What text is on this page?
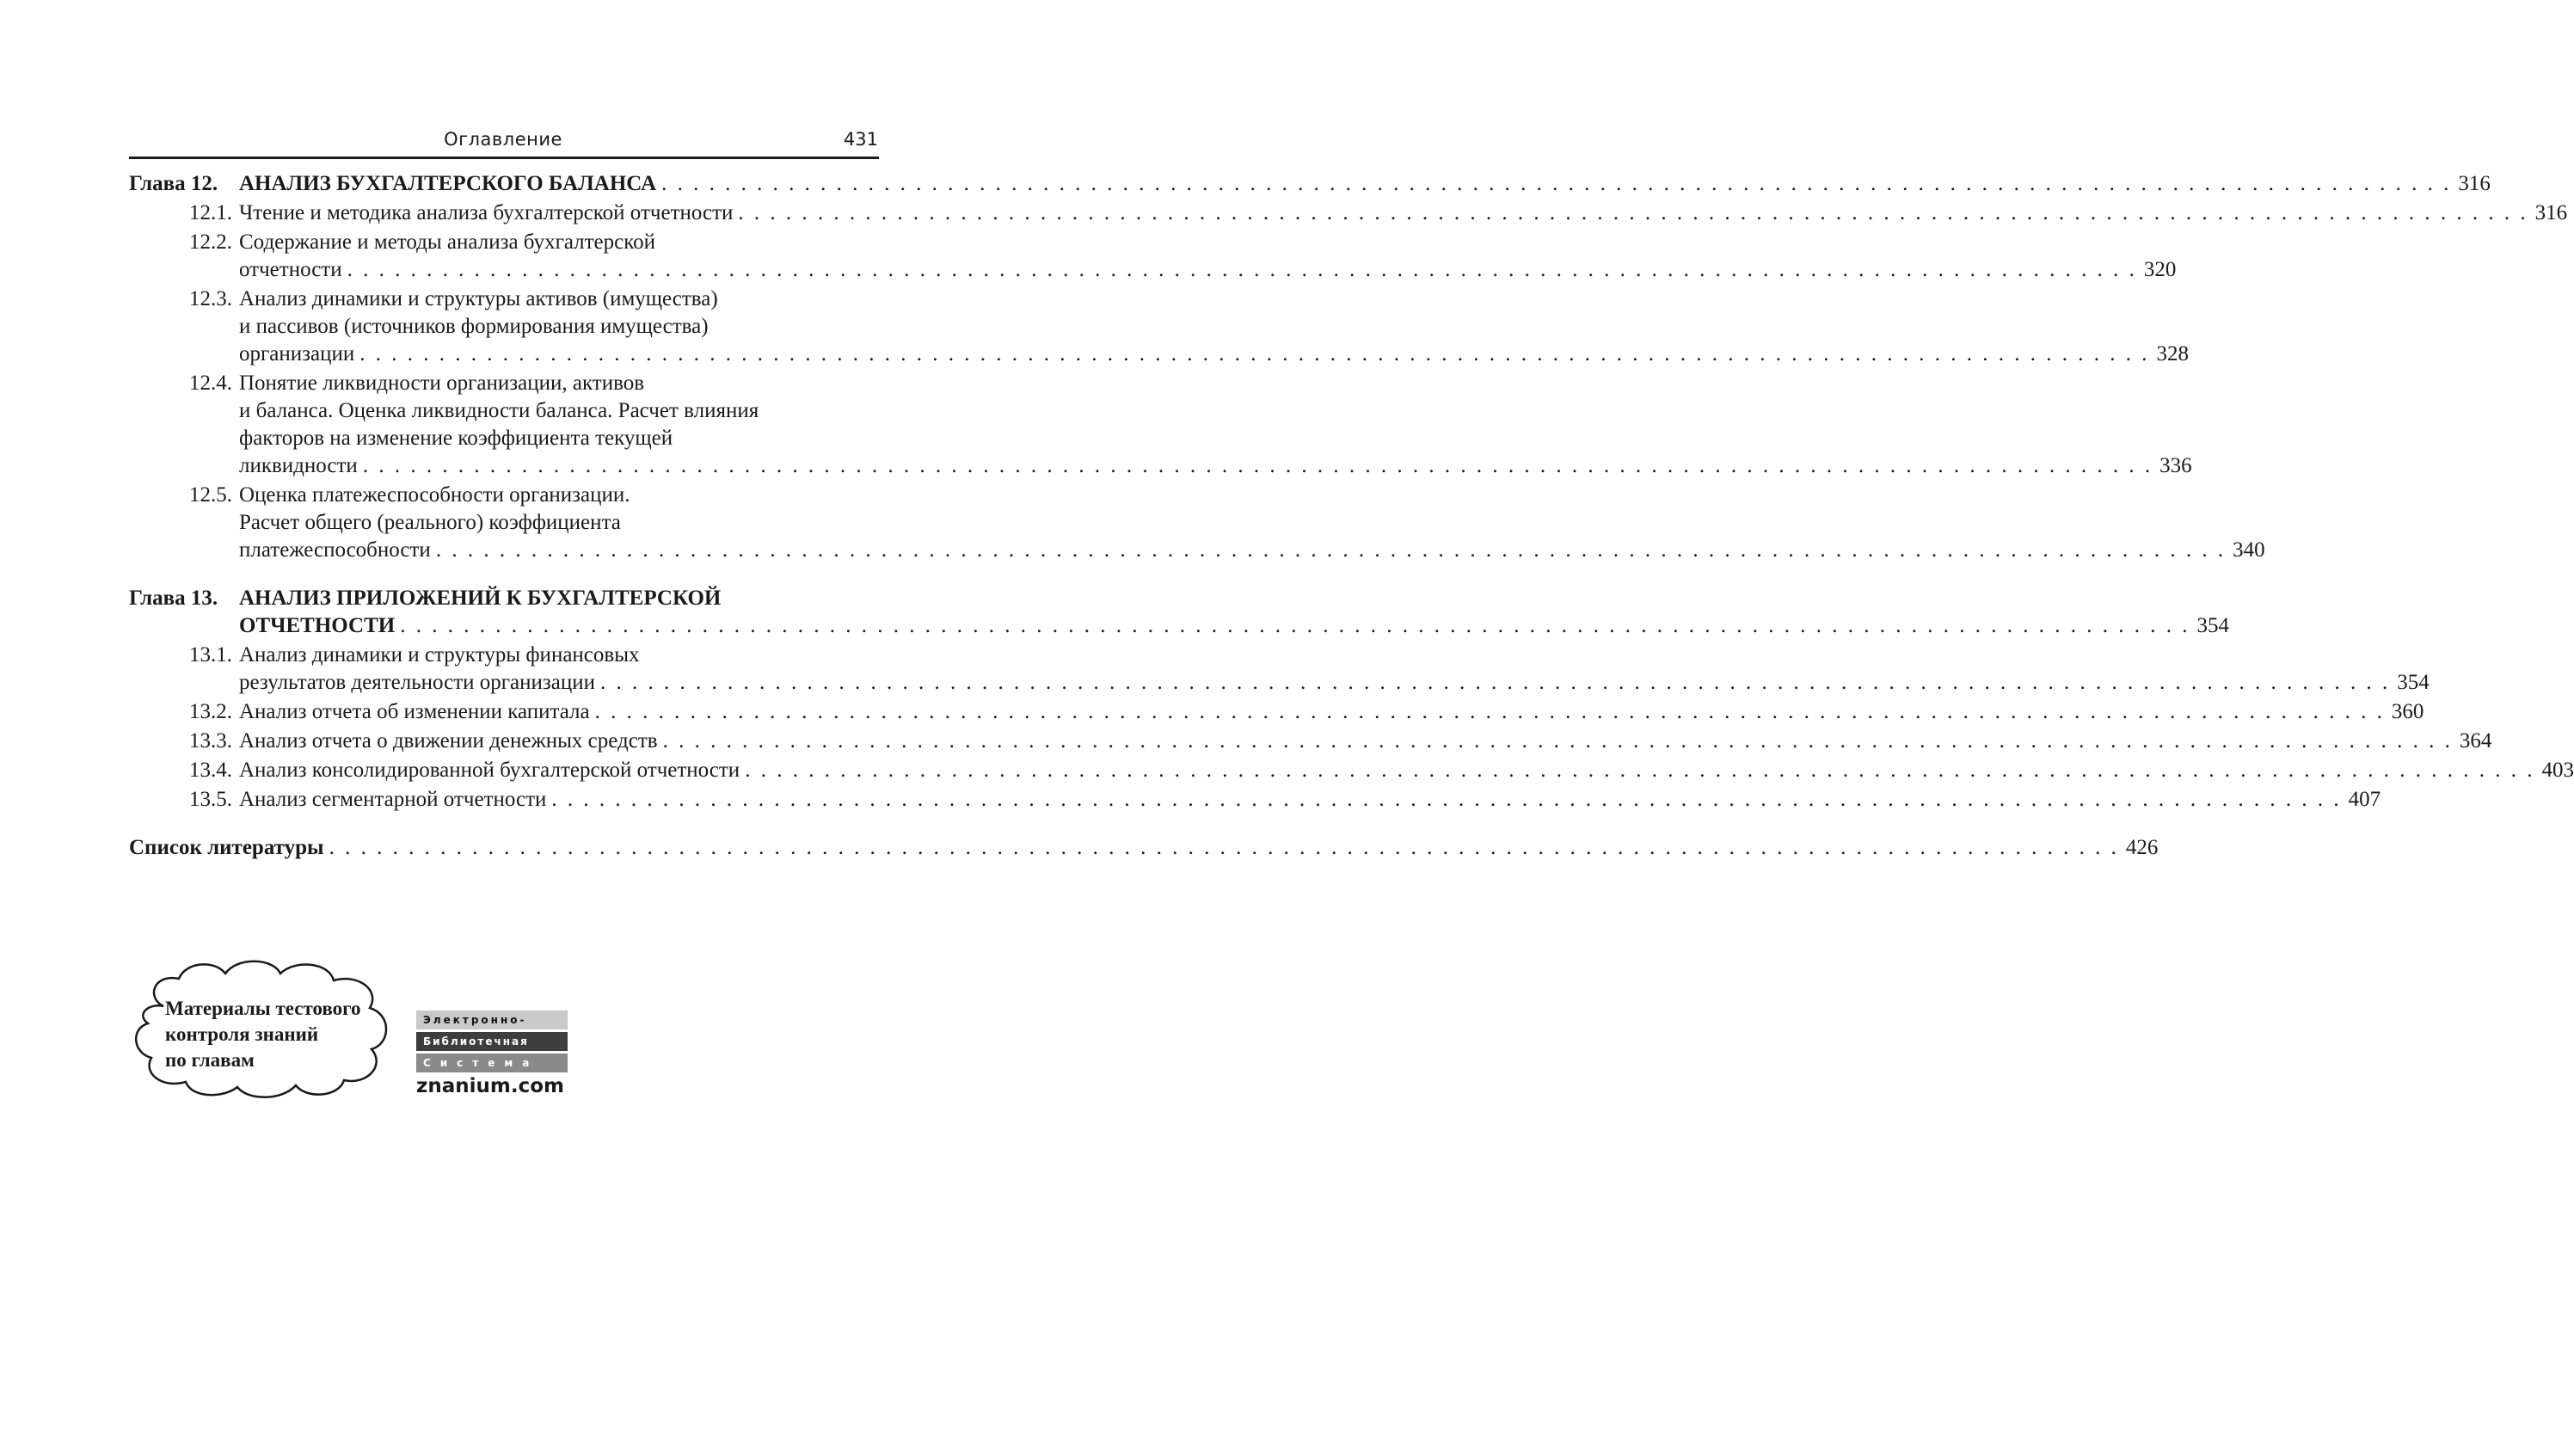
Оглавление	431
Глава 12. АНАЛИЗ БУХГАЛТЕРСКОГО БАЛАНСА . . .	316
12.1. Чтение и методика анализа бухгалтерской отчетности . . .	316
12.2. Содержание и методы анализа бухгалтерской
отчетности . . .	320
12.3. Анализ динамики и структуры активов (имущества)
и пассивов (источников формирования имущества)
организации . . .	328
12.4. Понятие ликвидности организации, активов
и баланса. Оценка ликвидности баланса. Расчет влияния
факторов на изменение коэффициента текущей
ликвидности . . .	336
12.5. Оценка платежеспособности организации.
Расчет общего (реального) коэффициента
платежеспособности . . .	340
Глава 13. АНАЛИЗ ПРИЛОЖЕНИЙ К БУХГАЛТЕРСКОЙ
ОТЧЕТНОСТИ . . .	354
13.1. Анализ динамики и структуры финансовых
результатов деятельности организации . . .	354
13.2. Анализ отчета об изменении капитала . . .	360
13.3. Анализ отчета о движении денежных средств . . .	364
13.4. Анализ консолидированной бухгалтерской отчетности . . .	403
13.5. Анализ сегментарной отчетности . . .	407
Список литературы . . .	426
Материалы тестового
контроля знаний
по главам
Электронно-
Библиотечная
Система
znanium.com
